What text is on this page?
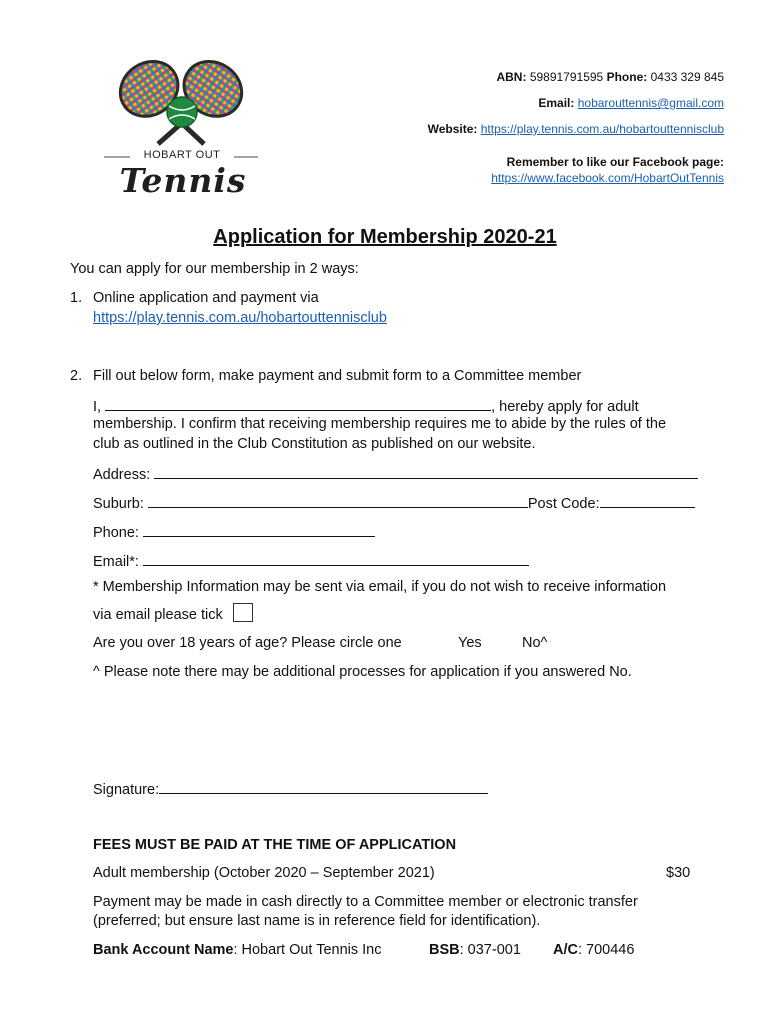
HOBART OUT
Tennis
ABN: 59891791595 Phone: 0433 329 845
Email: hobarouttennis@gmail.com
Website: https://play.tennis.com.au/hobartouttennisclub
Remember to like our Facebook page:
https://www.facebook.com/HobartOutTennis
Application for Membership 2020-21
You can apply for our membership in 2 ways:
1. Online application and payment via
https://play.tennis.com.au/hobartouttennisclub
2. Fill out below form, make payment and submit form to a Committee member
I,	, hereby apply for adult
membership. I confirm that receiving membership requires me to abide by the rules of the
club as outlined in the Club Constitution as published on our website.
Address:
Suburb:	Post Code:
Phone:
Email*:
* Membership Information may be sent via email, if you do not wish to receive information
via email please tick
Are you over 18 years of age? Please circle one	Yes	No^
^ Please note there may be additional processes for application if you answered No.
Signature:
FEES MUST BE PAID AT THE TIME OF APPLICATION
Adult membership (October 2020 – September 2021)	$30
Payment may be made in cash directly to a Committee member or electronic transfer
(preferred; but ensure last name is in reference field for identification).
Bank Account Name: Hobart Out Tennis Inc	BSB: 037-001 A/C: 700446
